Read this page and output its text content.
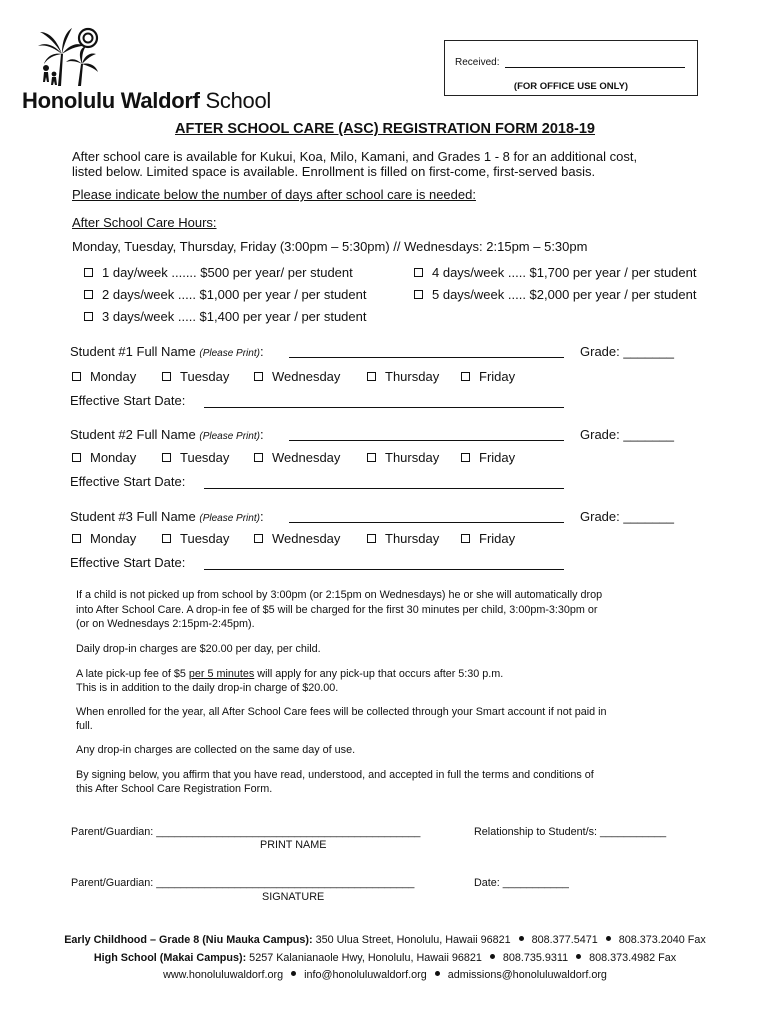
Honolulu Waldorf School
Received:
(FOR OFFICE USE ONLY)
AFTER SCHOOL CARE (ASC) REGISTRATION FORM 2018-19
After school care is available for Kukui, Koa, Milo, Kamani, and Grades 1 - 8 for an additional cost,
listed below. Limited space is available. Enrollment is filled on first-come, first-served basis.
Please indicate below the number of days after school care is needed:
After School Care Hours:
Monday, Tuesday, Thursday, Friday (3:00pm – 5:30pm) // Wednesdays: 2:15pm – 5:30pm
1 day/week ....... $500 per year/ per student
2 days/week ..... $1,000 per year / per student
3 days/week ..... $1,400 per year / per student
4 days/week ..... $1,700 per year / per student
5 days/week ..... $2,000 per year / per student
Student #1 Full Name (Please Print):	Grade: _______
Monday	Tuesday	Wednesday	Thursday	Friday
Effective Start Date:
Student #2 Full Name (Please Print):	Grade: _______
Monday	Tuesday	Wednesday	Thursday	Friday
Effective Start Date:
Student #3 Full Name (Please Print):	Grade: _______
Monday	Tuesday	Wednesday	Thursday	Friday
Effective Start Date:
If a child is not picked up from school by 3:00pm (or 2:15pm on Wednesdays) he or she will automatically drop
into After School Care. A drop-in fee of $5 will be charged for the first 30 minutes per child, 3:00pm-3:30pm or
(or on Wednesdays 2:15pm-2:45pm).
Daily drop-in charges are $20.00 per day, per child.
A late pick-up fee of $5 per 5 minutes will apply for any pick-up that occurs after 5:30 p.m.
This is in addition to the daily drop-in charge of $20.00.
When enrolled for the year, all After School Care fees will be collected through your Smart account if not paid in
full.
Any drop-in charges are collected on the same day of use.
By signing below, you affirm that you have read, understood, and accepted in full the terms and conditions of
this After School Care Registration Form.
Parent/Guardian: ____________________________________________	Relationship to Student/s: ___________
PRINT NAME
Parent/Guardian: ___________________________________________	Date: ___________
SIGNATURE
Early Childhood – Grade 8 (Niu Mauka Campus): 350 Ulua Street, Honolulu, Hawaii 96821 808.377.5471 808.373.2040 Fax
High School (Makai Campus): 5257 Kalanianaole Hwy, Honolulu, Hawaii 96821 808.735.9311 808.373.4982 Fax
www.honoluluwaldorf.org info@honoluluwaldorf.org admissions@honoluluwaldorf.org
